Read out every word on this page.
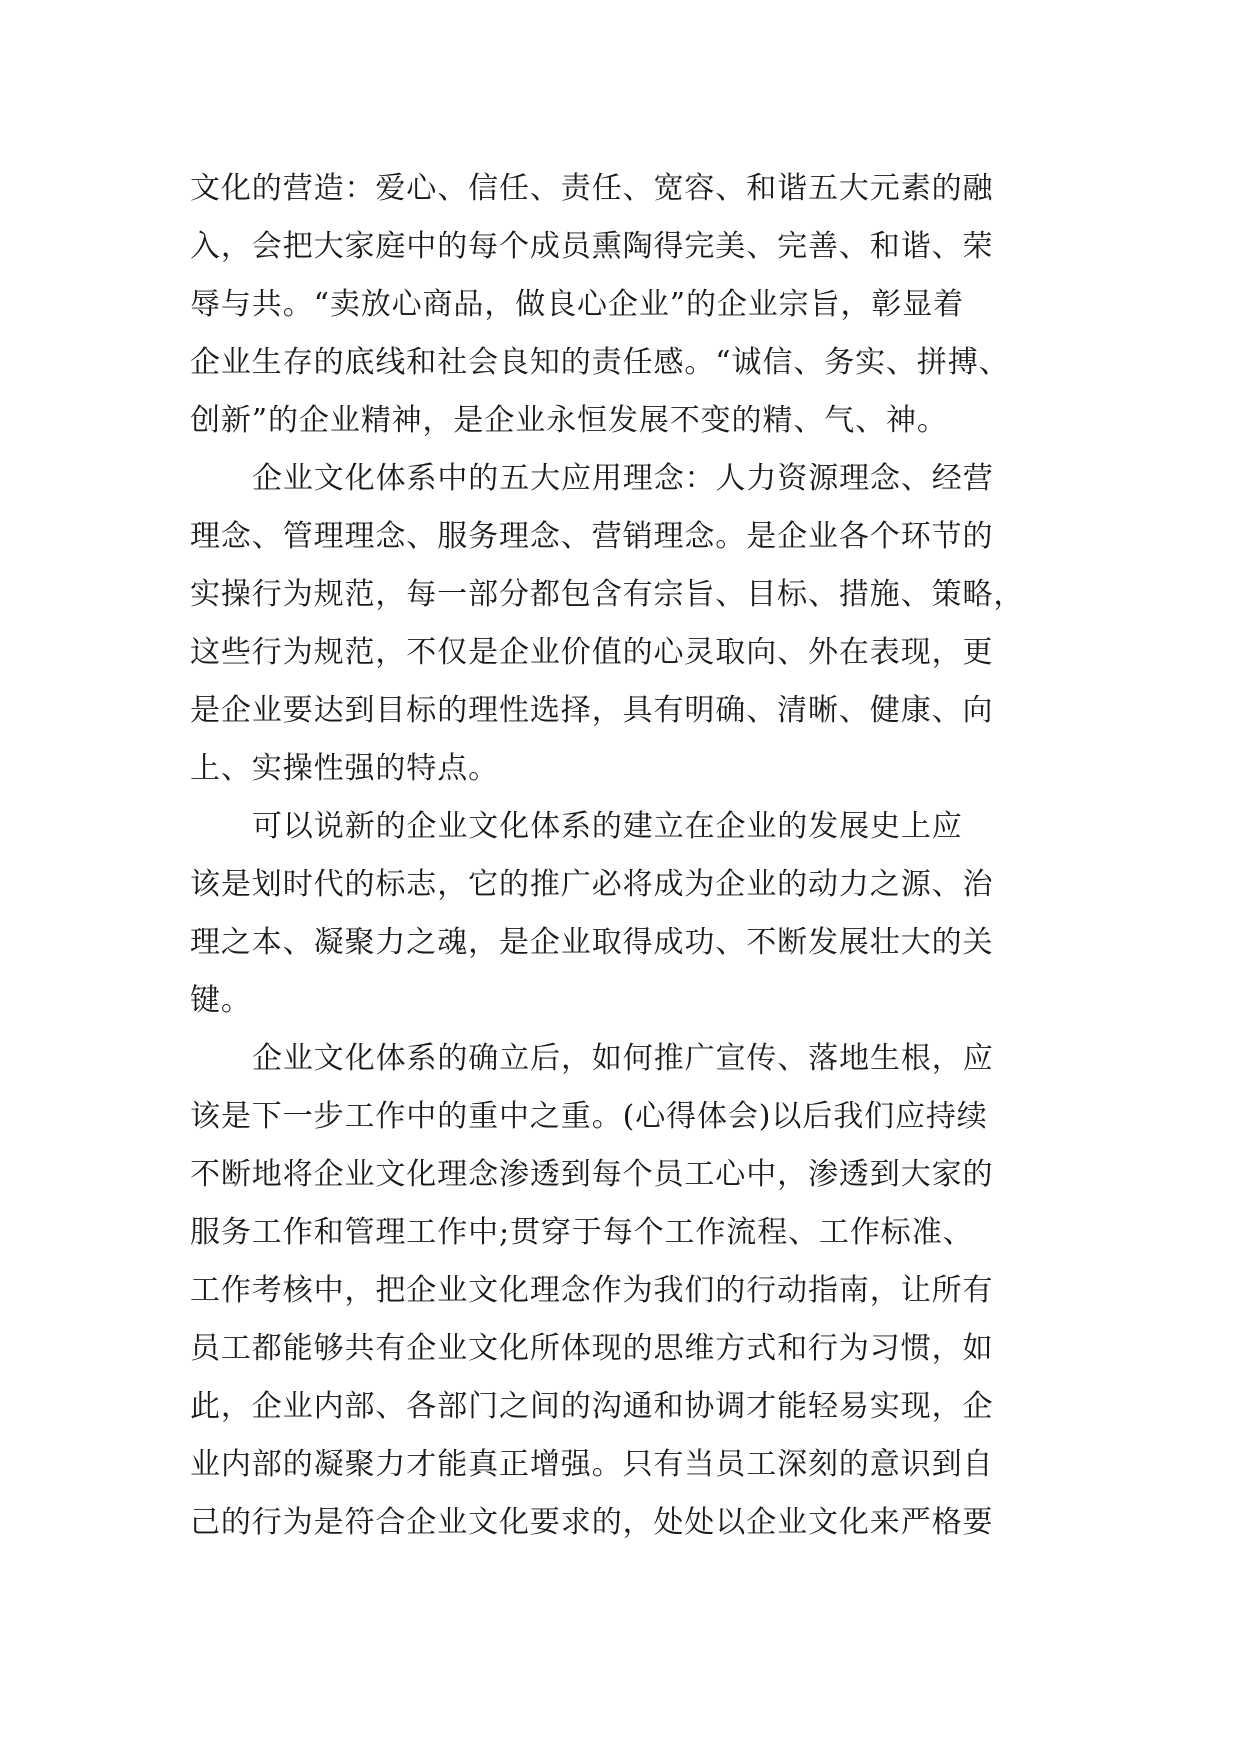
文化的营造：爱心、信任、责任、宽容、和谐五大元素的融
入，会把大家庭中的每个成员熏陶得完美、完善、和谐、荣
辱与共。“卖放心商品，做良心企业”的企业宗旨，彰显着
企业生存的底线和社会良知的责任感。“诚信、务实、拼搏、
创新”的企业精神，是企业永恒发展不变的精、气、神。
企业文化体系中的五大应用理念：人力资源理念、经营
理念、管理理念、服务理念、营销理念。是企业各个环节的
实操行为规范，每一部分都包含有宗旨、目标、措施、策略，
这些行为规范，不仅是企业价值的心灵取向、外在表现，更
是企业要达到目标的理性选择，具有明确、清晰、健康、向
上、实操性强的特点。
可以说新的企业文化体系的建立在企业的发展史上应
该是划时代的标志，它的推广必将成为企业的动力之源、治
理之本、凝聚力之魂，是企业取得成功、不断发展壮大的关
键。
企业文化体系的确立后，如何推广宣传、落地生根，应
该是下一步工作中的重中之重。(心得体会)以后我们应持续
不断地将企业文化理念渗透到每个员工心中，渗透到大家的
服务工作和管理工作中;贯穿于每个工作流程、工作标准、
工作考核中，把企业文化理念作为我们的行动指南，让所有
员工都能够共有企业文化所体现的思维方式和行为习惯，如
此，企业内部、各部门之间的沟通和协调才能轻易实现，企
业内部的凝聚力才能真正增强。只有当员工深刻的意识到自
己的行为是符合企业文化要求的，处处以企业文化来严格要
